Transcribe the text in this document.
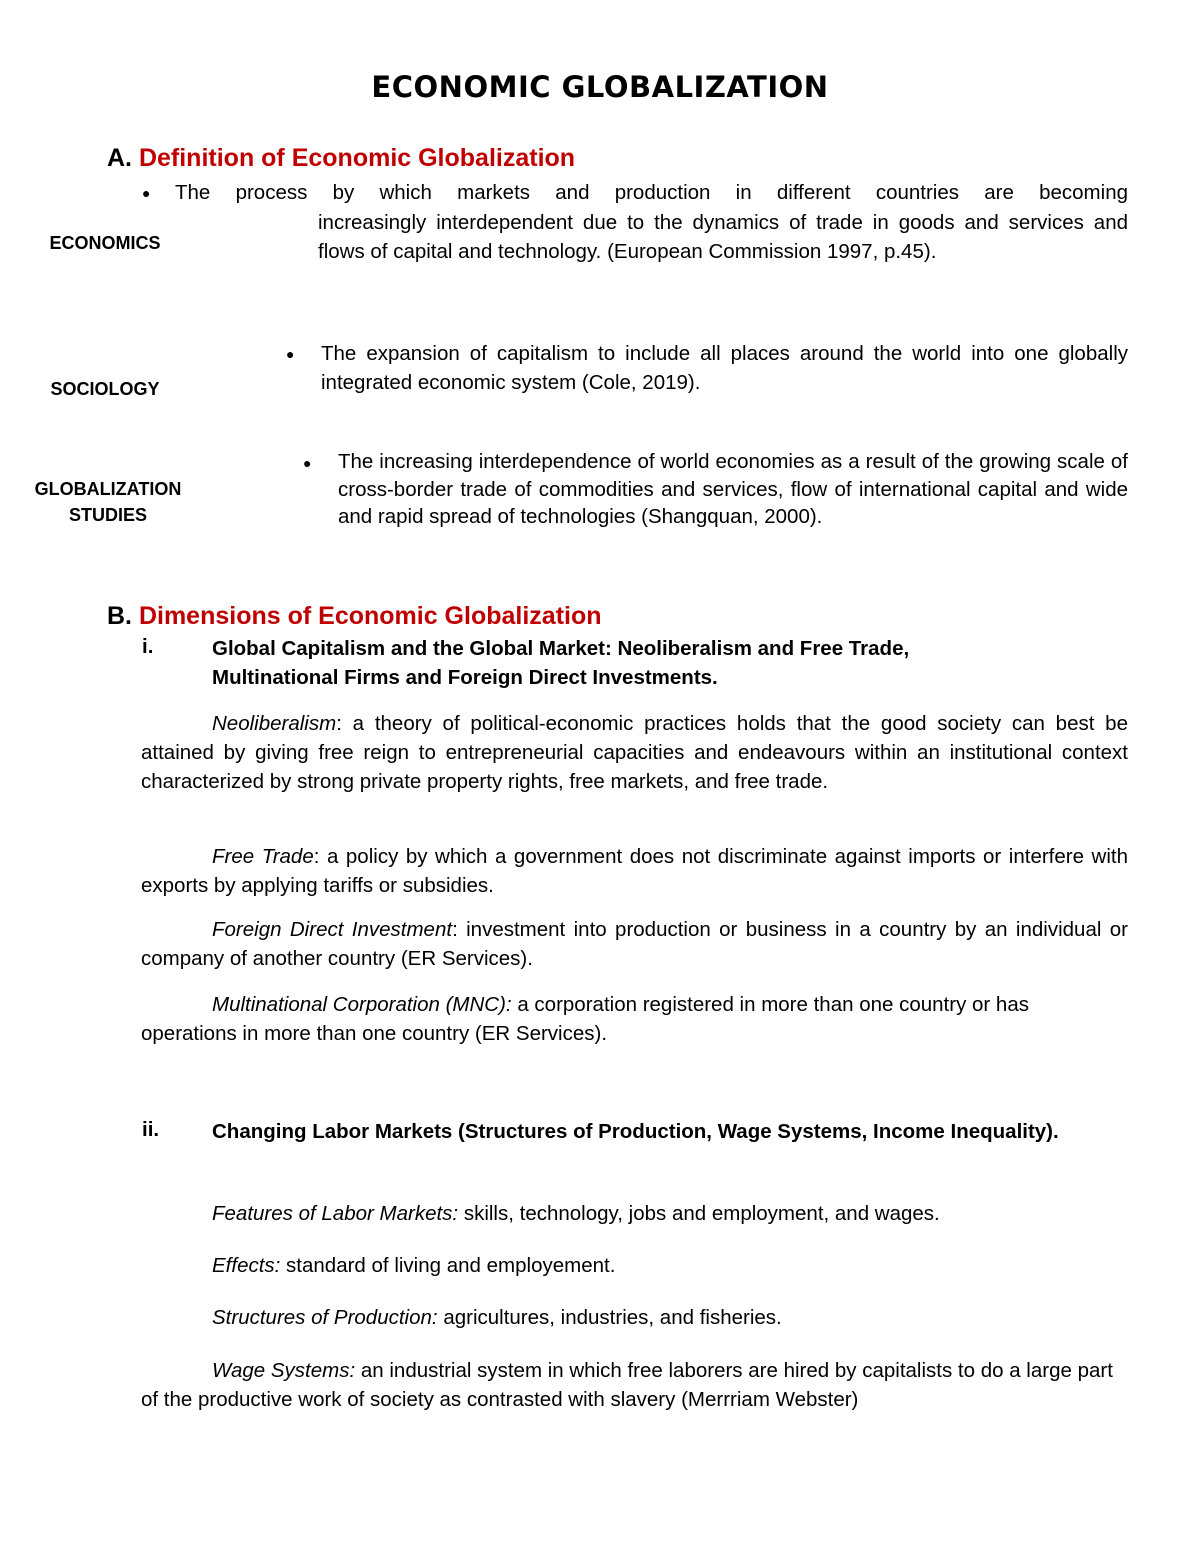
ECONOMIC GLOBALIZATION
A. Definition of Economic Globalization
ECONOMICS
● The process by which markets and production in different countries are becoming
increasingly interdependent due to the dynamics of trade in goods and services and flows of capital and technology. (European Commission 1997, p.45).
SOCIOLOGY
● The expansion of capitalism to include all places around the world into one globally integrated economic system (Cole, 2019).
GLOBALIZATION
STUDIES
● The increasing interdependence of world economies as a result of the growing scale of cross-border trade of commodities and services, flow of international capital and wide and rapid spread of technologies (Shangquan, 2000).
B. Dimensions of Economic Globalization
i.	Global Capitalism and the Global Market: Neoliberalism and Free Trade,
Multinational Firms and Foreign Direct Investments.
Neoliberalism: a theory of political-economic practices holds that the good society can best be attained by giving free reign to entrepreneurial capacities and endeavours within an institutional context characterized by strong private property rights, free markets, and free trade.
Free Trade: a policy by which a government does not discriminate against imports or interfere with exports by applying tariffs or subsidies.
Foreign Direct Investment: investment into production or business in a country by an individual or company of another country (ER Services).
Multinational Corporation (MNC): a corporation registered in more than one country or has operations in more than one country (ER Services).
ii.	Changing Labor Markets (Structures of Production, Wage Systems, Income Inequality).
Features of Labor Markets: skills, technology, jobs and employment, and wages.
Effects: standard of living and employement.
Structures of Production: agricultures, industries, and fisheries.
Wage Systems: an industrial system in which free laborers are hired by capitalists to do a large part of the productive work of society as contrasted with slavery (Merrriam Webster)
